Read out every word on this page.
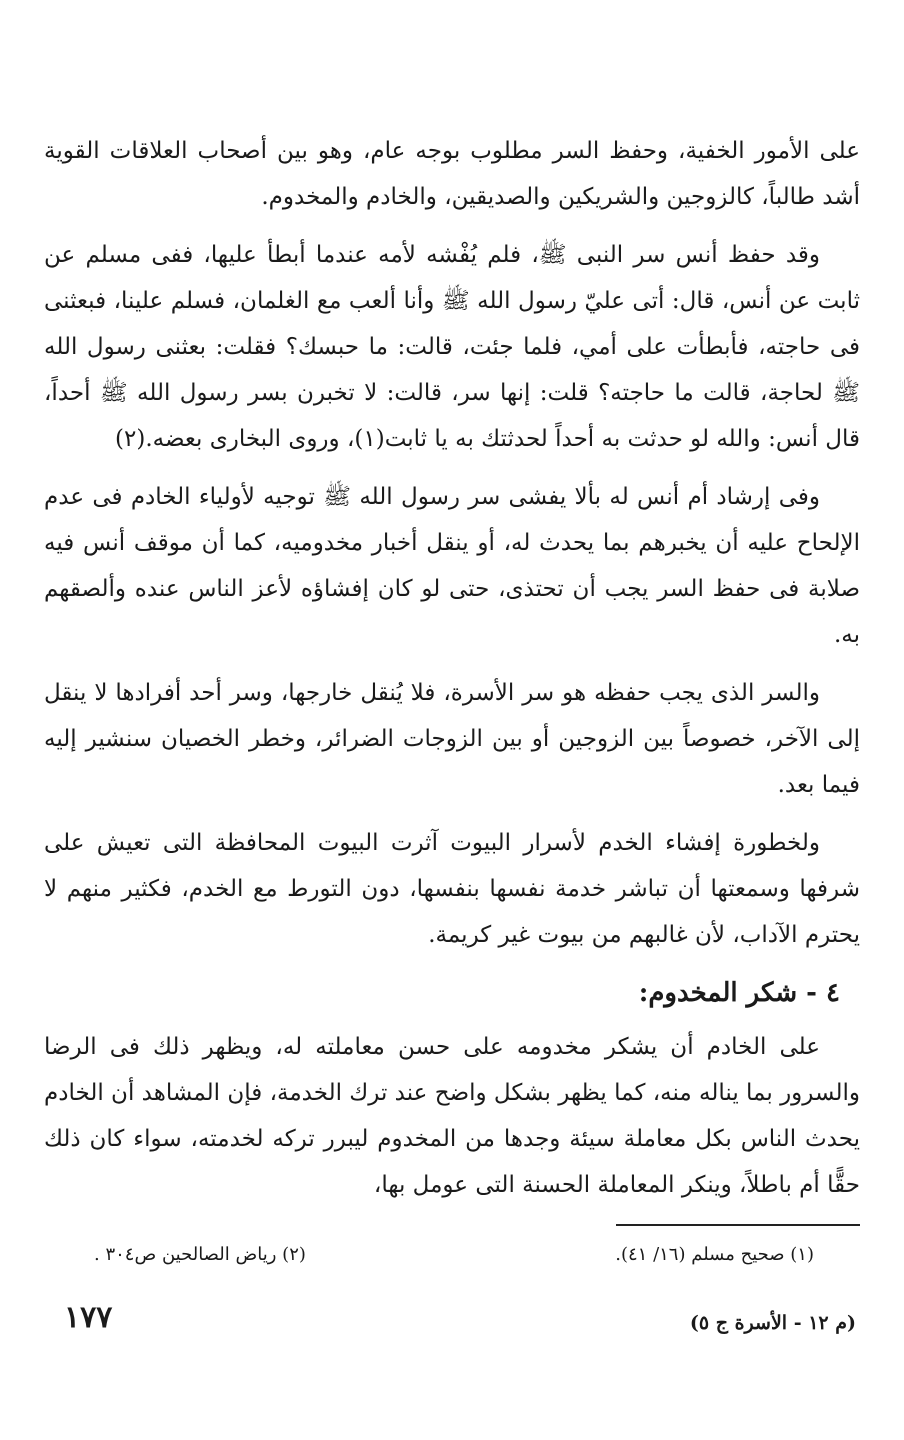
على الأمور الخفية، وحفظ السر مطلوب بوجه عام، وهو بين أصحاب العلاقات القوية أشد طالباً، كالزوجين والشريكين والصديقين، والخادم والمخدوم.

وقد حفظ أنس سر النبى ﷺ، فلم يُفْشه لأمه عندما أبطأ عليها، ففى مسلم عن ثابت عن أنس، قال: أتى عليّ رسول الله ﷺ وأنا ألعب مع الغلمان، فسلم علينا، فبعثنى فى حاجته، فأبطأت على أمي، فلما جئت، قالت: ما حبسك؟ فقلت: بعثنى رسول الله ﷺ لحاجة، قالت ما حاجته؟ قلت: إنها سر، قالت: لا تخبرن بسر رسول الله ﷺ أحداً، قال أنس: والله لو حدثت به أحداً لحدثتك به يا ثابت(١)، وروى البخارى بعضه.(٢)

وفى إرشاد أم أنس له بألا يفشى سر رسول الله ﷺ توجيه لأولياء الخادم فى عدم الإلحاح عليه أن يخبرهم بما يحدث له، أو ينقل أخبار مخدوميه، كما أن موقف أنس فيه صلابة فى حفظ السر يجب أن تحتذى، حتى لو كان إفشاؤه لأعز الناس عنده وألصقهم به.

والسر الذى يجب حفظه هو سر الأسرة، فلا يُنقل خارجها، وسر أحد أفرادها لا ينقل إلى الآخر، خصوصاً بين الزوجين أو بين الزوجات الضرائر، وخطر الخصيان سنشير إليه فيما بعد.

ولخطورة إفشاء الخدم لأسرار البيوت آثرت البيوت المحافظة التى تعيش على شرفها وسمعتها أن تباشر خدمة نفسها بنفسها، دون التورط مع الخدم، فكثير منهم لا يحترم الآداب، لأن غالبهم من بيوت غير كريمة.

٤ - شكر المخدوم:

على الخادم أن يشكر مخدومه على حسن معاملته له، ويظهر ذلك فى الرضا والسرور بما يناله منه، كما يظهر بشكل واضح عند ترك الخدمة، فإن المشاهد أن الخادم يحدث الناس بكل معاملة سيئة وجدها من المخدوم ليبرر تركه لخدمته، سواء كان ذلك حقًّا أم باطلاً، وينكر المعاملة الحسنة التى عومل بها،

(١) صحيح مسلم (١٦/ ٤١).
(٢) رياض الصالحين ص٣٠٤ .
(م ١٢ - الأسرة ج ٥)
١٧٧
